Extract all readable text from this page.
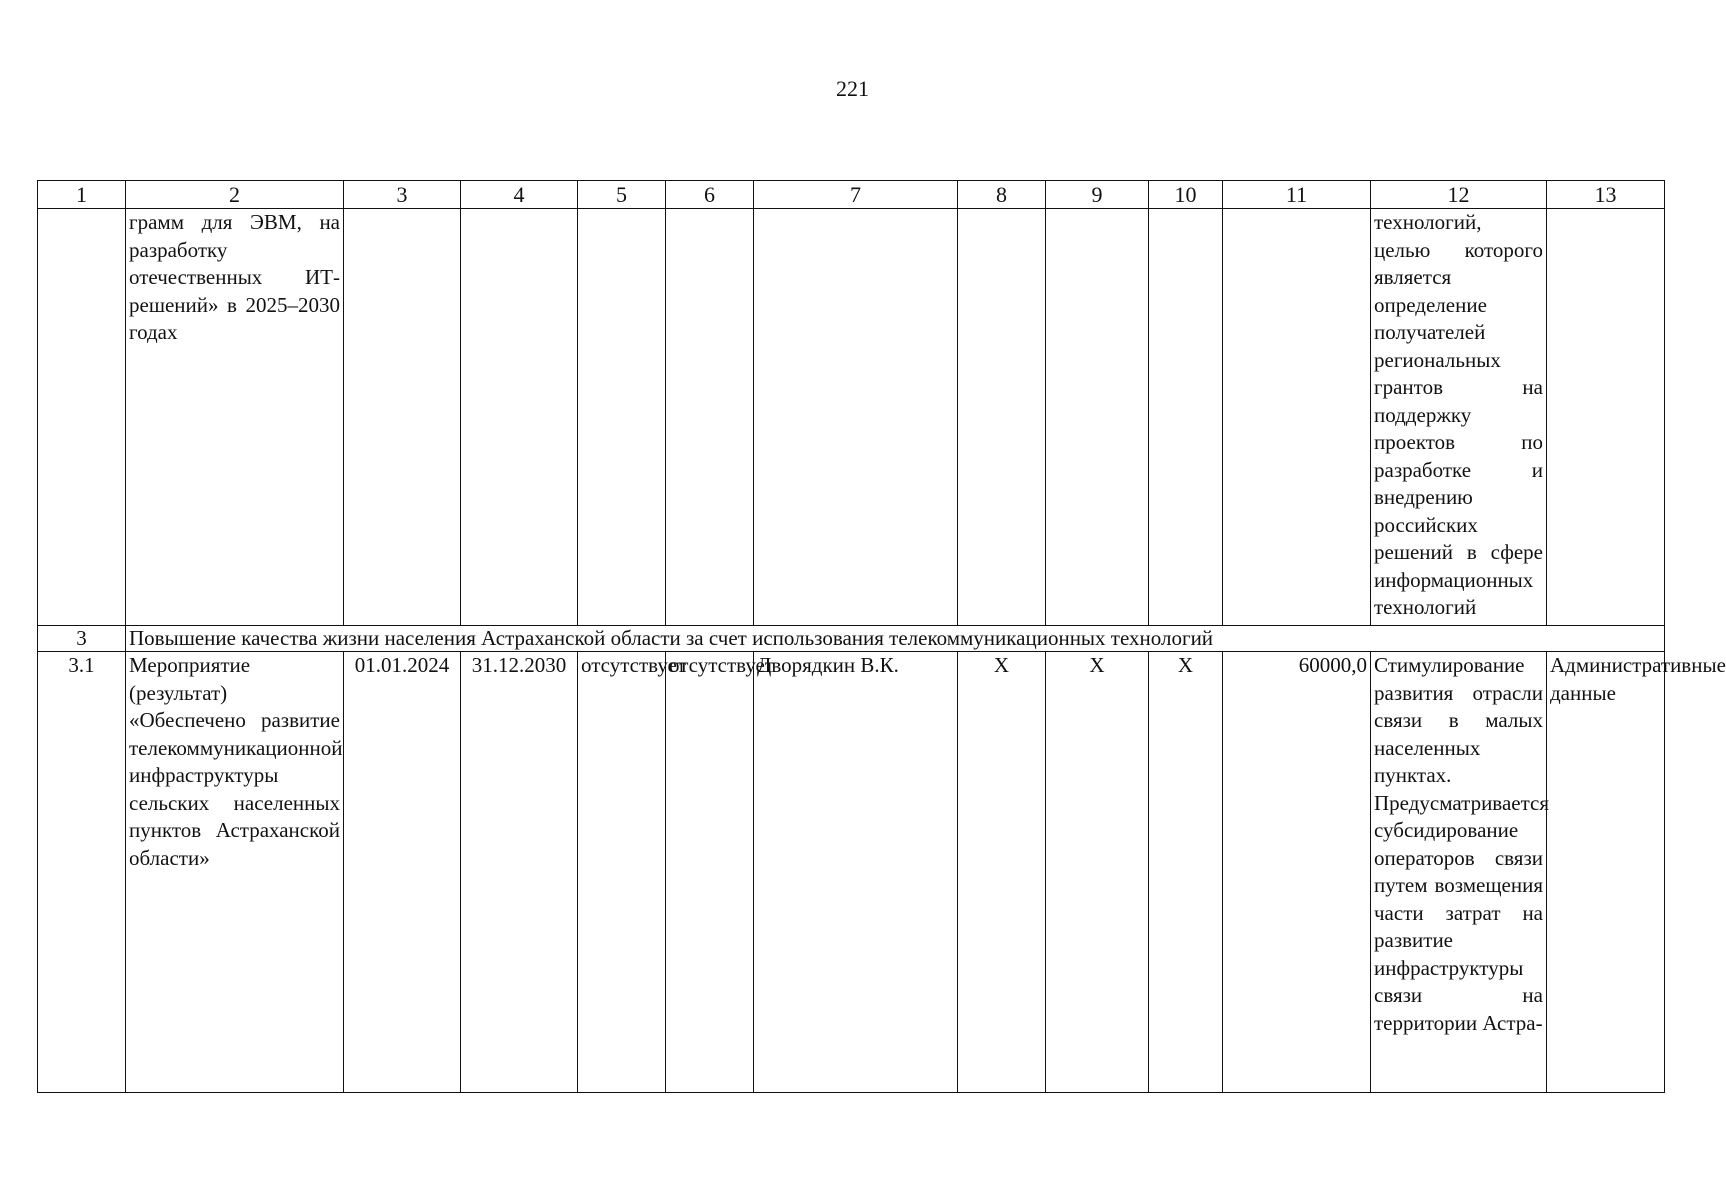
221
1	2	3	4	5	6	7	8	9	10	11	12	13
	грамм для ЭВМ, на разработку отечественных ИТ-решений» в 2025–2030 годах										технологий, целью которого является определение получателей региональных грантов на поддержку проектов по разработке и внедрению российских решений в сфере информационных технологий	
3	Повышение качества жизни населения Астраханской области за счет использования телекоммуникационных технологий											
3.1	Мероприятие (результат) «Обеспечено развитие телекоммуникационной инфраструктуры сельских населенных пунктов Астраханской области»	01.01.2024	31.12.2030	отсутствует	отсутствует	Дворядкин В.К.	X	X	X	60000,0	Стимулирование развития отрасли связи в малых населенных пунктах. Предусматривается субсидирование операторов связи путем возмещения части затрат на развитие инфраструктуры связи на территории Астра-	Административные данные
